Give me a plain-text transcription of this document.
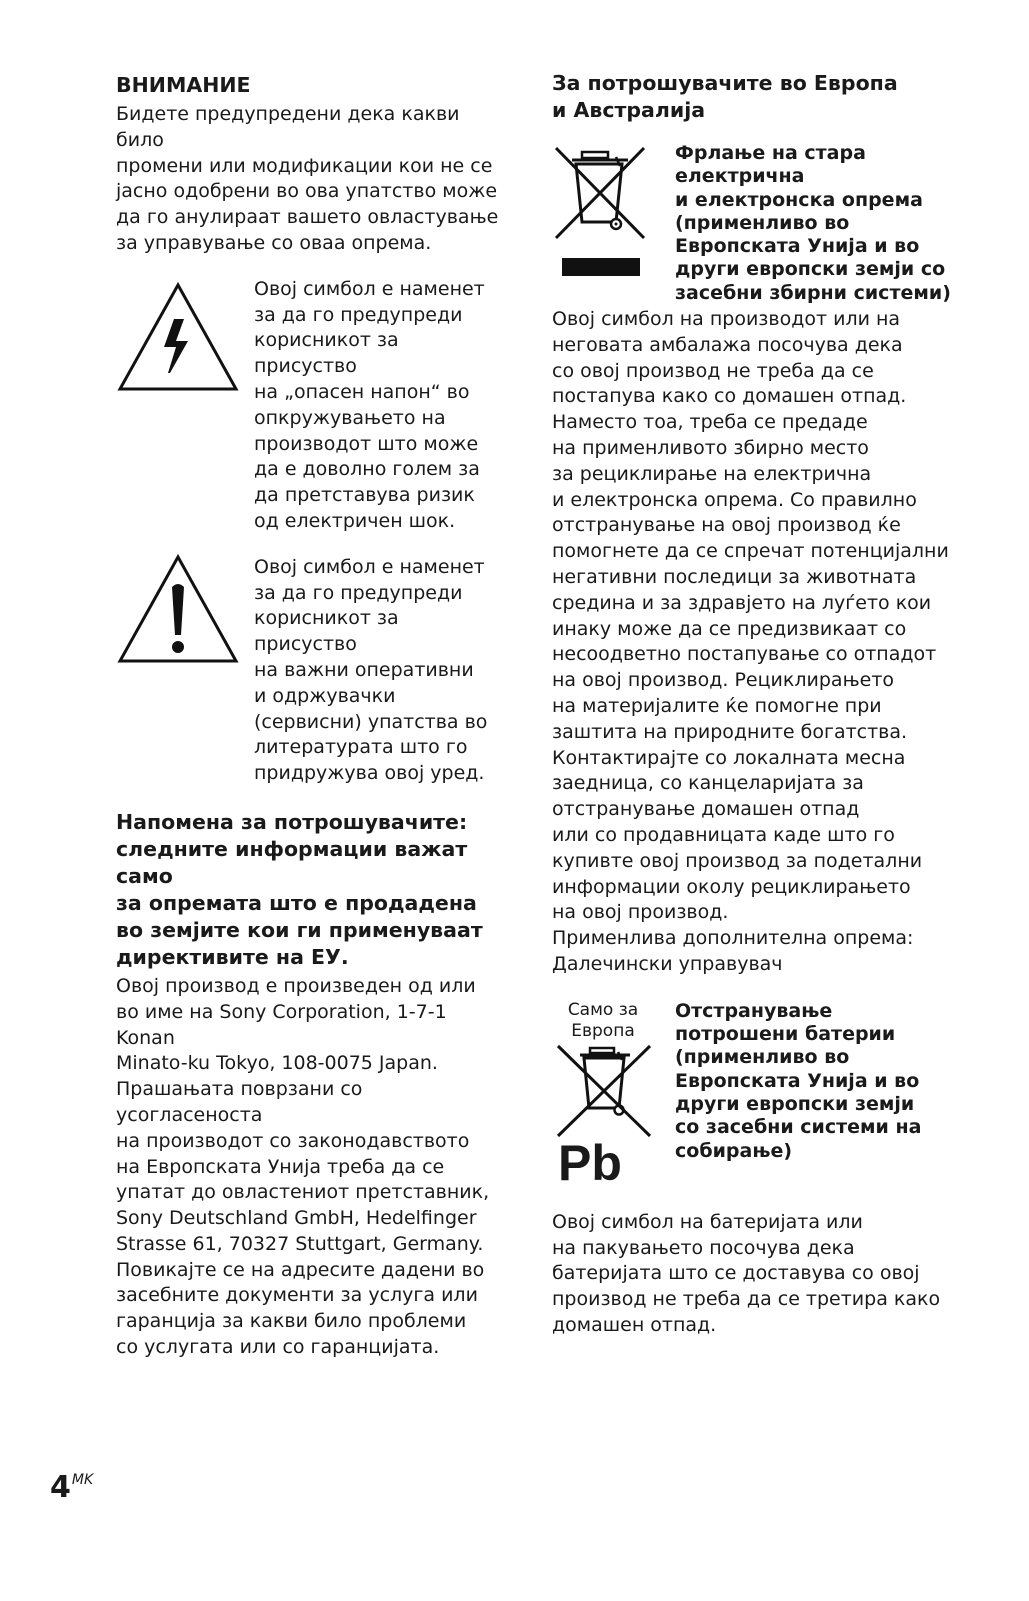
ВНИМАНИЕ

Бидете предупредени дека какви било
промени или модификации кои не се
јасно одобрени во ова упатство може
да го анулираат вашето овластување
за управување со оваа опрема.

Овој симбол е наменет
за да го предупреди
корисникот за присуство
на „опасен напон“ во
опкружувањето на
производот што може
да е доволно голем за
да претставува ризик
од електричен шок.

Овој симбол е наменет
за да го предупреди
корисникот за присуство
на важни оперативни
и одржувачки
(сервисни) упатства во
литературата што го
придружува овој уред.

Напомена за потрошувачите:
следните информации важат само
за опремата што е продадена
во земјите кои ги применуваат
директивите на ЕУ.

Овој производ е произведен од или
во име на Sony Corporation, 1-7-1 Konan
Minato-ku Tokyo, 108-0075 Japan.
Прашањата поврзани со усогласеноста
на производот со законодавството
на Европската Унија треба да се
упатат до овластениот претставник,
Sony Deutschland GmbH, Hedelfinger
Strasse 61, 70327 Stuttgart, Germany.
Повикајте се на адресите дадени во
засебните документи за услуга или
гаранција за какви било проблеми
со услугата или со гаранцијата.

За потрошувачите во Европа
и Австралија

Фрлање на стара
електрична
и електронска опрема
(применливо во
Европската Унија и во
други европски земји со
засебни збирни системи)

Овој симбол на производот или на
неговата амбалажа посочува дека
со овој производ не треба да се
постапува како со домашен отпад.
Наместо тоа, треба се предаде
на применливото збирно место
за рециклирање на електрична
и електронска опрема. Со правилно
отстранување на овој производ ќе
помогнете да се спречат потенцијални
негативни последици за животната
средина и за здравјето на луѓето кои
инаку може да се предизвикаат со
несоодветно постапување со отпадот
на овој производ. Рециклирањето
на материјалите ќе помогне при
заштита на природните богатства.
Контактирајте со локалната месна
заедница, со канцеларијата за
отстранување домашен отпад
или со продавницата каде што го
купивте овој производ за подетални
информации околу рециклирањето
на овој производ.
Применлива дополнителна опрема:
Далечински управувач

Само за
Европа

Pb

Отстранување
потрошени батерии
(применливо во
Европската Унија и во
други европски земји
со засебни системи на
собирање)

Овој симбол на батеријата или
на пакувањето посочува дека
батеријата што се доставува со овој
производ не треба да се третира како
домашен отпад.

4MK
